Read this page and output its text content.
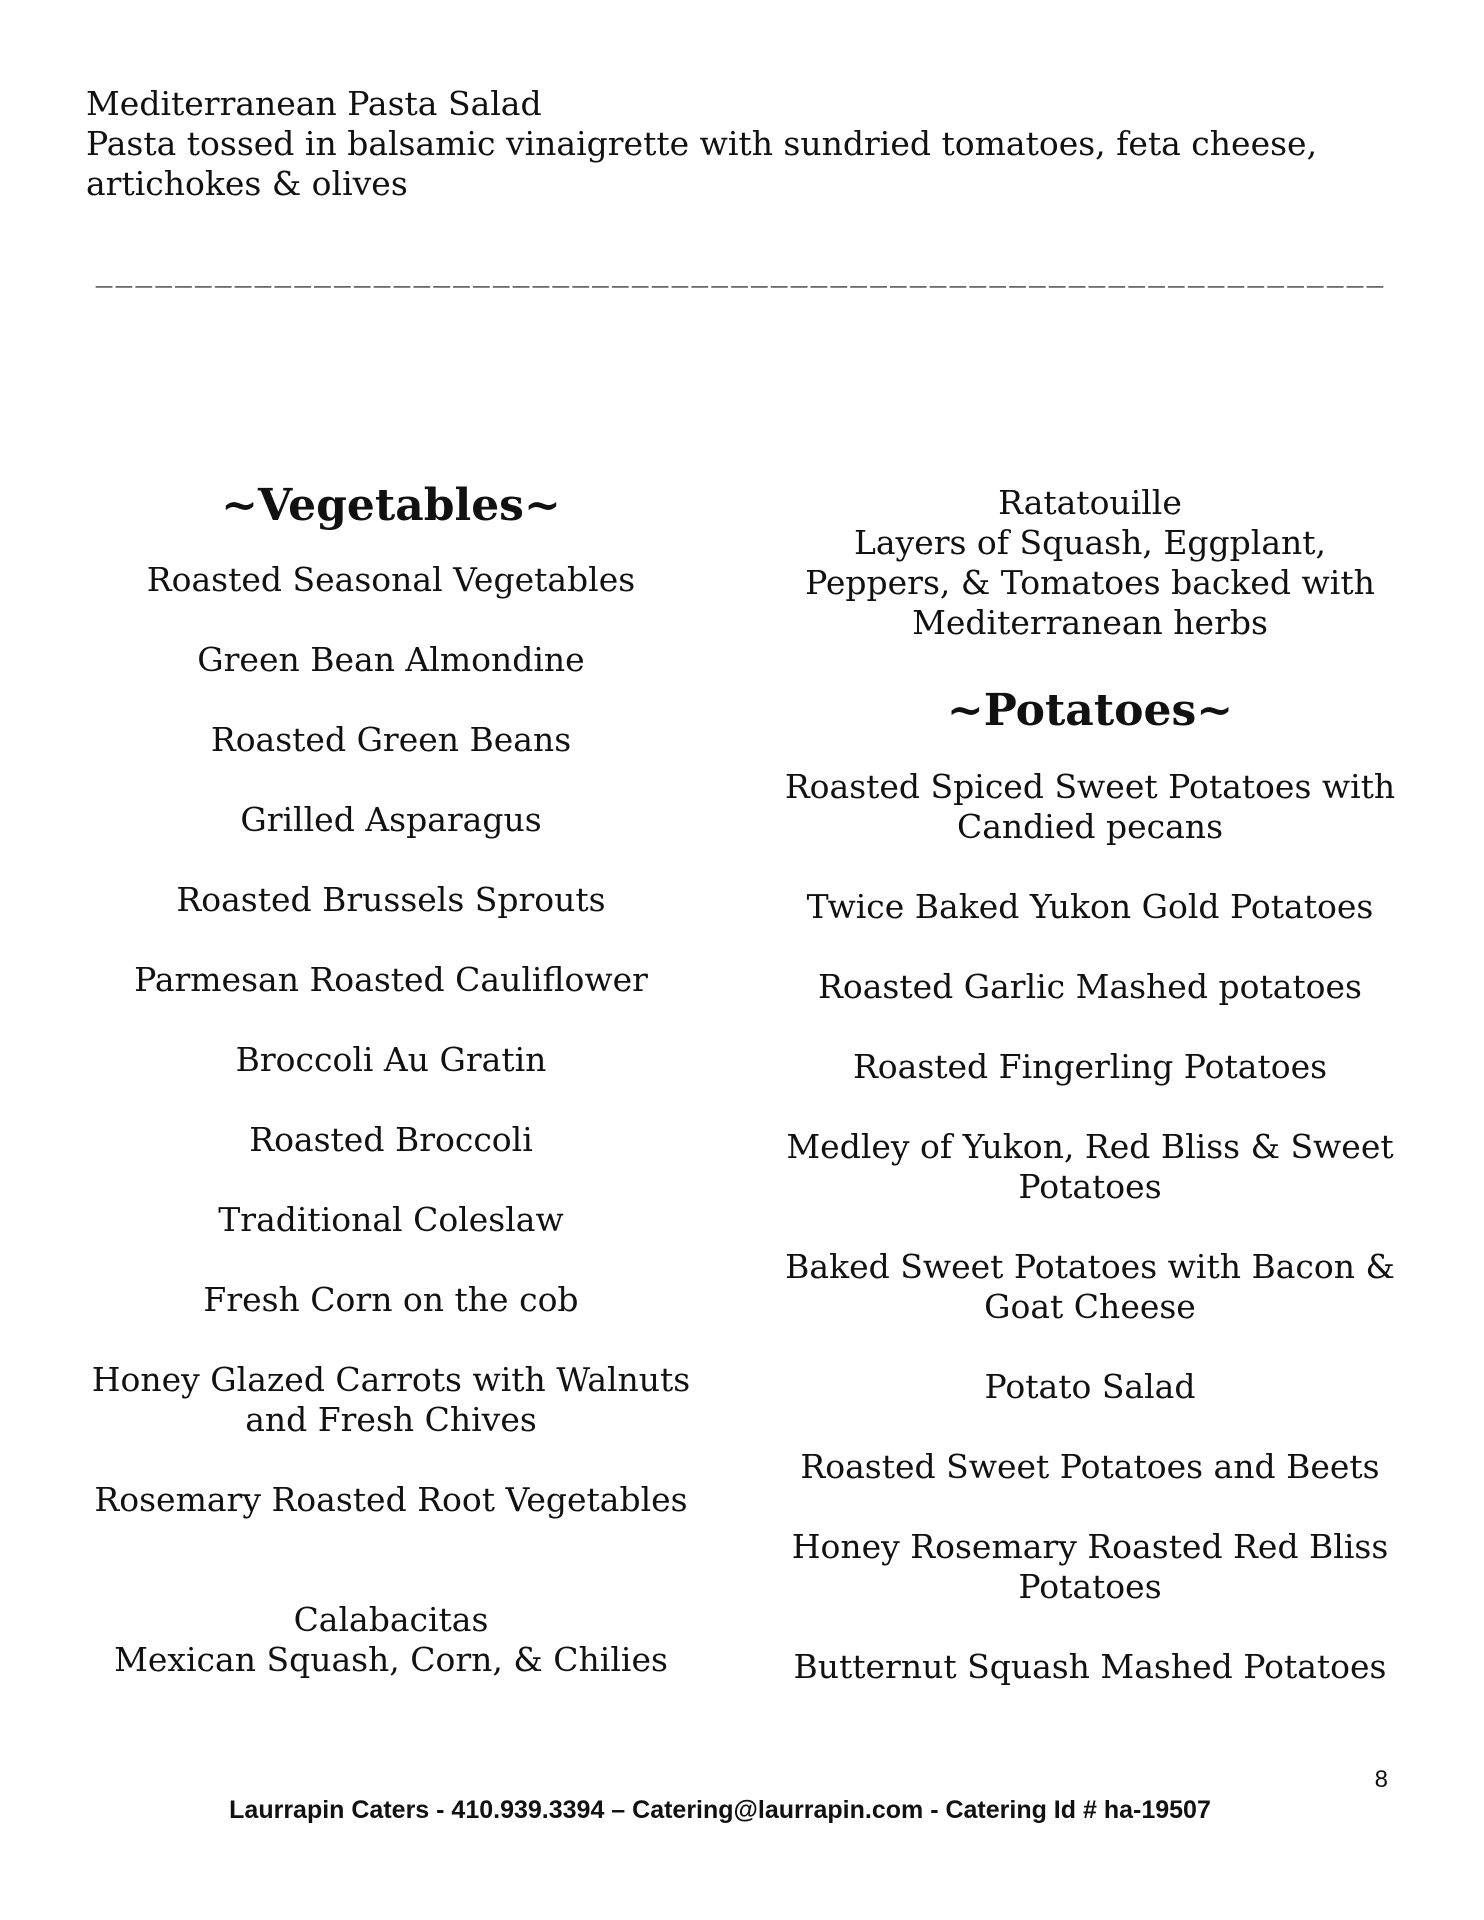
Mediterranean Pasta Salad
Pasta tossed in balsamic vinaigrette with sundried tomatoes, feta cheese, artichokes & olives
_________________________________________________________________
~Vegetables~
Roasted Seasonal Vegetables
Green Bean Almondine
Roasted Green Beans
Grilled Asparagus
Roasted Brussels Sprouts
Parmesan Roasted Cauliflower
Broccoli Au Gratin
Roasted Broccoli
Traditional Coleslaw
Fresh Corn on the cob
Honey Glazed Carrots with Walnuts and Fresh Chives
Rosemary Roasted Root Vegetables
Calabacitas
Mexican Squash, Corn, & Chilies
Ratatouille
Layers of Squash, Eggplant, Peppers, & Tomatoes backed with Mediterranean herbs
~Potatoes~
Roasted Spiced Sweet Potatoes with Candied pecans
Twice Baked Yukon Gold Potatoes
Roasted Garlic Mashed potatoes
Roasted Fingerling Potatoes
Medley of Yukon, Red Bliss & Sweet Potatoes
Baked Sweet Potatoes with Bacon & Goat Cheese
Potato Salad
Roasted Sweet Potatoes and Beets
Honey Rosemary Roasted Red Bliss Potatoes
Butternut Squash Mashed Potatoes
8
Laurrapin Caters - 410.939.3394 – Catering@laurrapin.com - Catering Id # ha-19507
